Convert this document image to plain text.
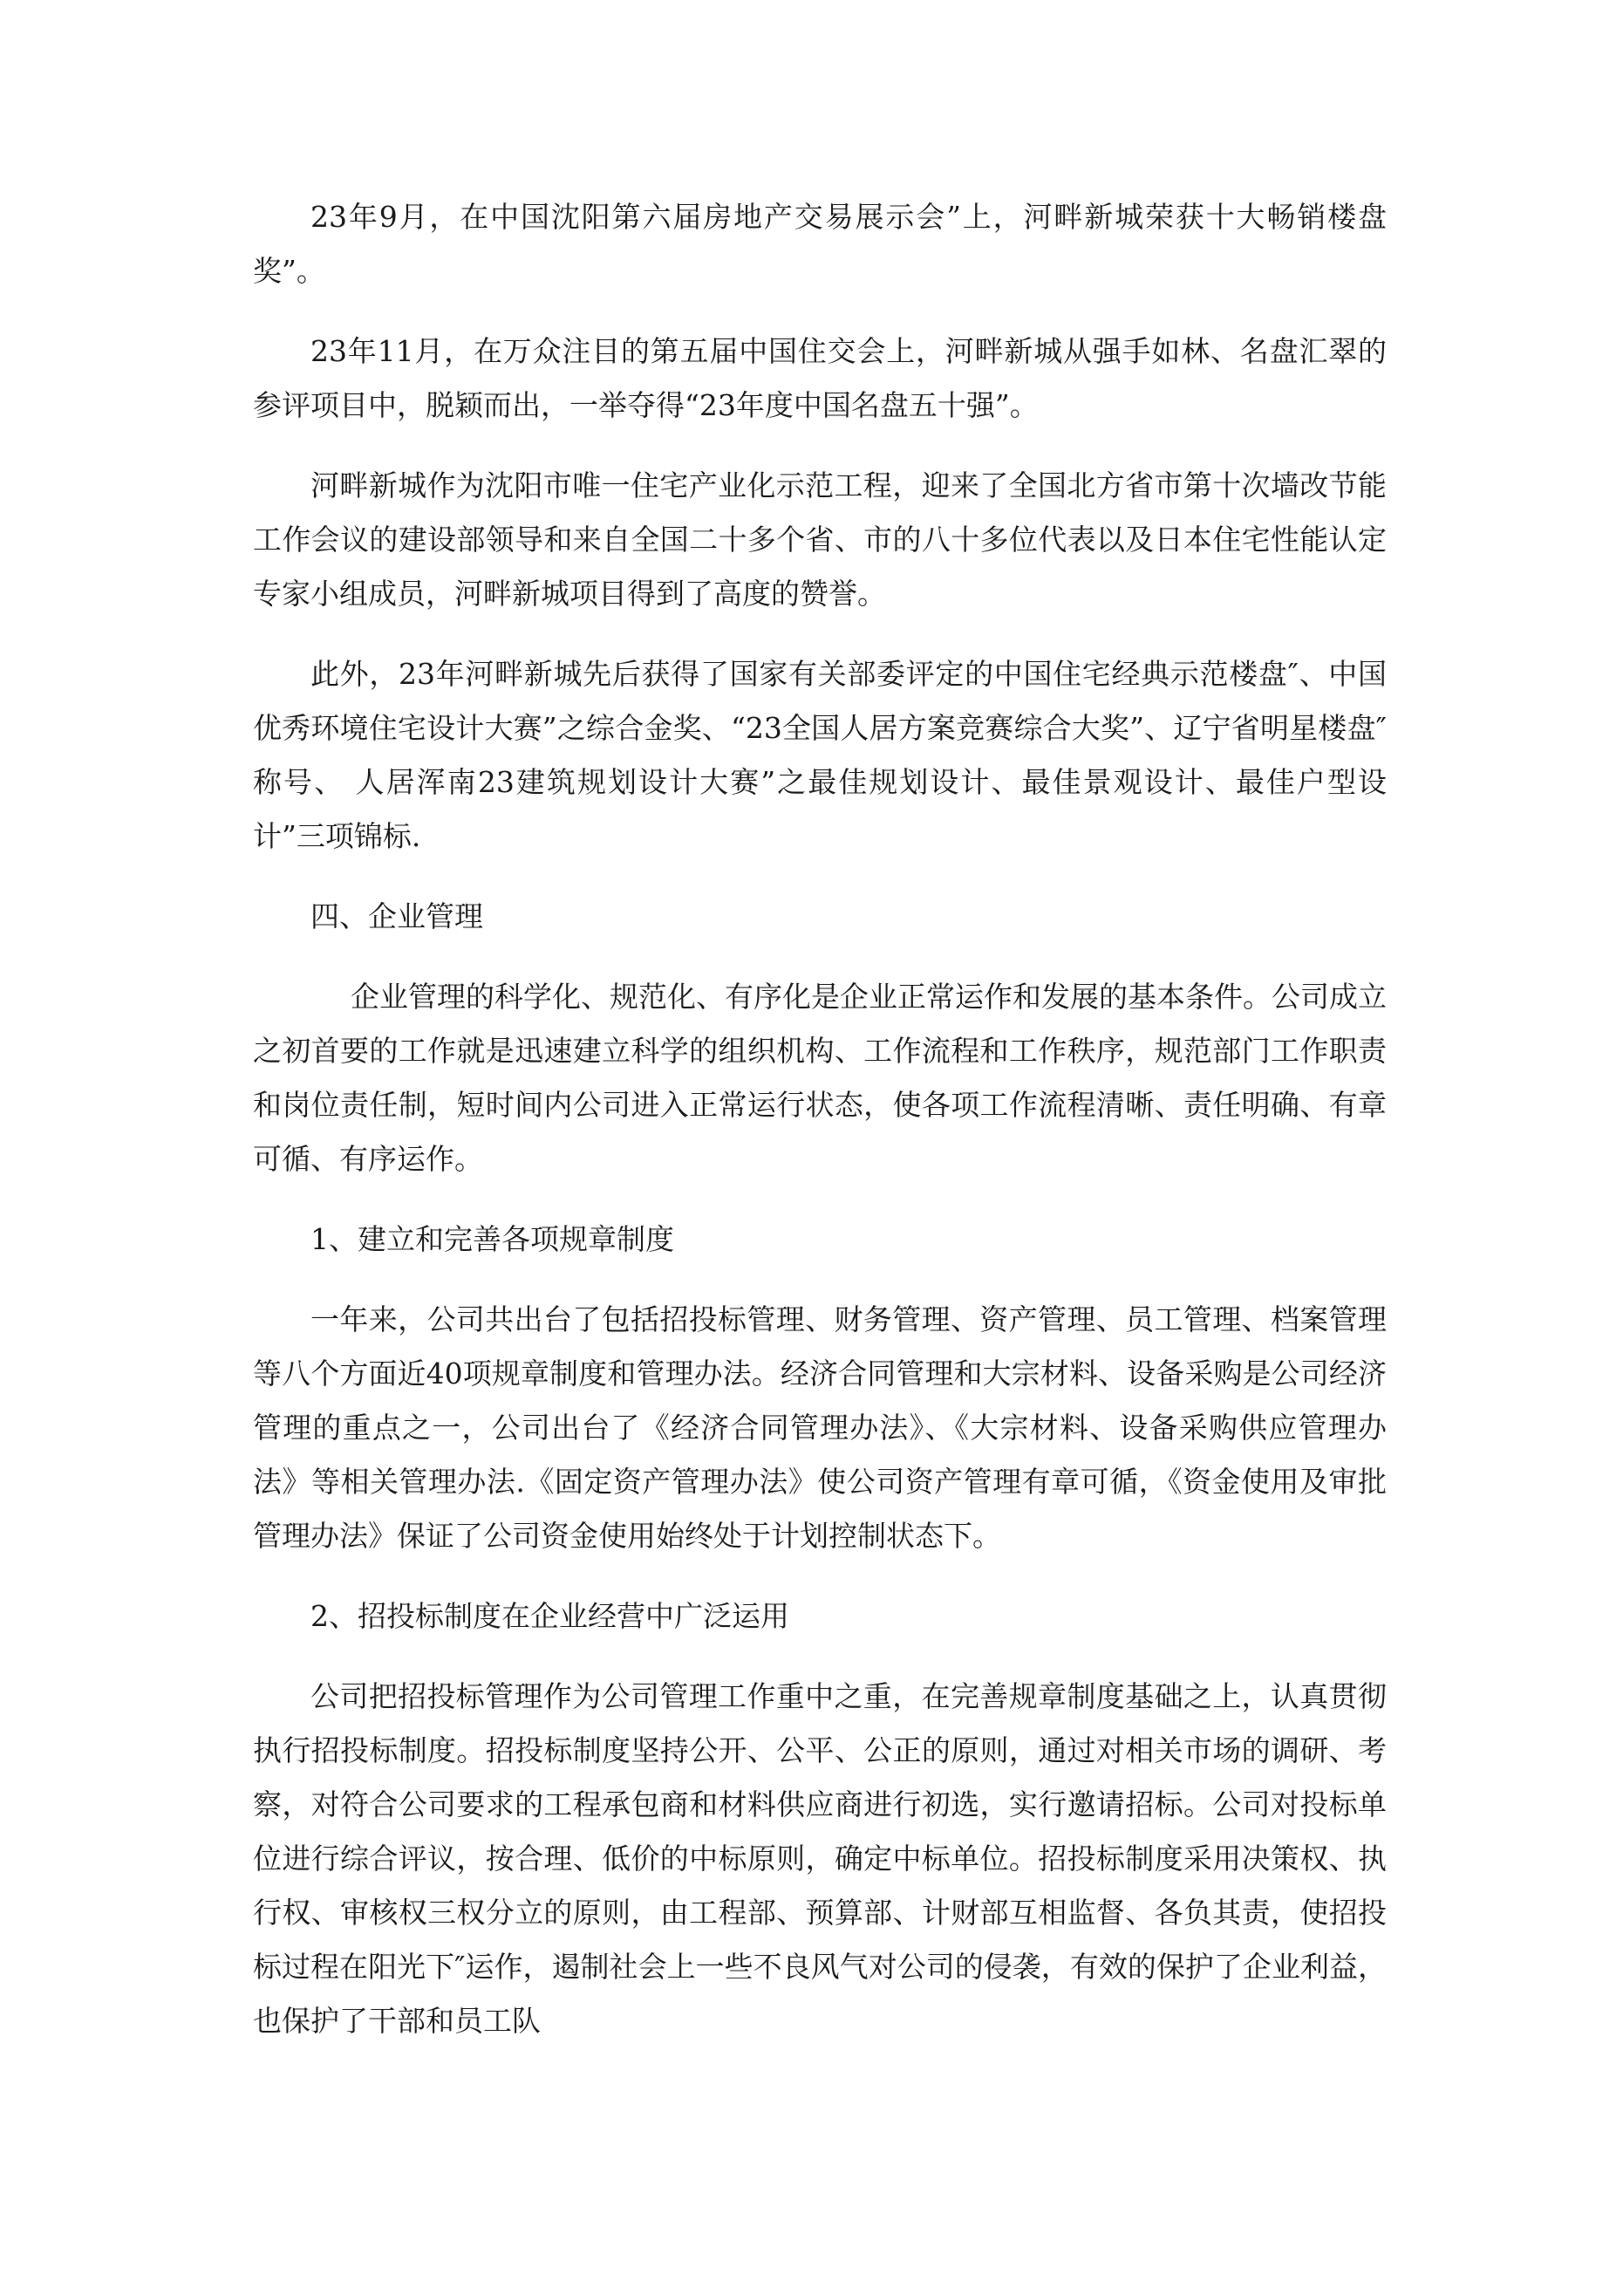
23年9月，在中国沈阳第六届房地产交易展示会”上，河畔新城荣获十大畅销楼盘奖”。

23年11月，在万众注目的第五届中国住交会上，河畔新城从强手如林、名盘汇翠的参评项目中，脱颖而出，一举夺得“23年度中国名盘五十强”。

河畔新城作为沈阳市唯一住宅产业化示范工程，迎来了全国北方省市第十次墙改节能工作会议的建设部领导和来自全国二十多个省、市的八十多位代表以及日本住宅性能认定专家小组成员，河畔新城项目得到了高度的赞誉。

此外，23年河畔新城先后获得了国家有关部委评定的中国住宅经典示范楼盘″、中国优秀环境住宅设计大赛”之综合金奖、“23全国人居方案竞赛综合大奖”、辽宁省明星楼盘″称号、 人居浑南23建筑规划设计大赛”之最佳规划设计、最佳景观设计、最佳户型设计”三项锦标.

四、企业管理

企业管理的科学化、规范化、有序化是企业正常运作和发展的基本条件。公司成立之初首要的工作就是迅速建立科学的组织机构、工作流程和工作秩序，规范部门工作职责和岗位责任制，短时间内公司进入正常运行状态，使各项工作流程清晰、责任明确、有章可循、有序运作。

1、建立和完善各项规章制度

一年来，公司共出台了包括招投标管理、财务管理、资产管理、员工管理、档案管理等八个方面近40项规章制度和管理办法。经济合同管理和大宗材料、设备采购是公司经济管理的重点之一，公司出台了《经济合同管理办法》、《大宗材料、设备采购供应管理办法》等相关管理办法.《固定资产管理办法》使公司资产管理有章可循，《资金使用及审批管理办法》保证了公司资金使用始终处于计划控制状态下。

2、招投标制度在企业经营中广泛运用

公司把招投标管理作为公司管理工作重中之重，在完善规章制度基础之上，认真贯彻执行招投标制度。招投标制度坚持公开、公平、公正的原则，通过对相关市场的调研、考察，对符合公司要求的工程承包商和材料供应商进行初选，实行邀请招标。公司对投标单位进行综合评议，按合理、低价的中标原则，确定中标单位。招投标制度采用决策权、执行权、审核权三权分立的原则，由工程部、预算部、计财部互相监督、各负其责，使招投标过程在阳光下″运作，遏制社会上一些不良风气对公司的侵袭，有效的保护了企业利益，也保护了干部和员工队
